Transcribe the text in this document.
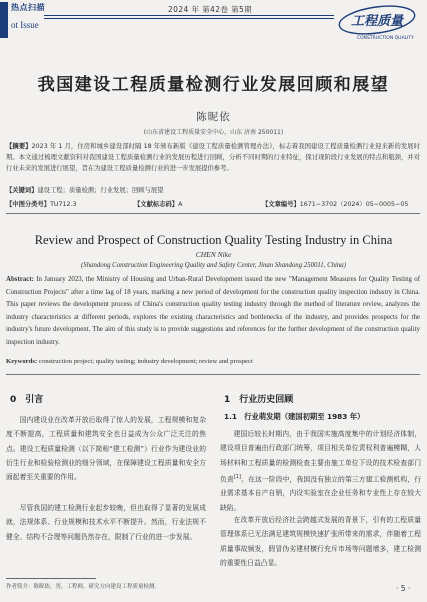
热点扫描
ot Issue
2024 年 第42卷 第5期
工程质量
CONSTRUCTION QUALITY
我国建设工程质量检测行业发展回顾和展望
陈昵依
(山东省建设工程质量安全中心，山东 济南 250011)
【摘要】2023 年 1 月，住房和城乡建设部时隔 18 年颁布新版《建设工程质量检测管理办法》，标志着我国建设工程质量检测行业迎来新的发展时期。本文通过梳理文献资料对我国建设工程质量检测行业的发展历程进行回顾，分析不同时期的行业特征，探讨现阶段行业发展的特点和瓶颈，并对行业未来的发展进行展望，旨在为建设工程质量检测行业的进一步发展提供参考。
【关键词】建设工程；质量检测；行业发展；回顾与展望
【中图分类号】TU712.3	【文献标志码】A	【文章编号】1671−3702（2024）05−0005−05
Review and Prospect of Construction Quality Testing Industry in China
CHEN Nike
(Shandong Construction Engineering Quality and Safety Center, Jinan Shandong 250011, China)
Abstract: In January 2023, the Ministry of Housing and Urban-Rural Development issued the new "Management Measures for Quality Testing of Construction Projects" after a time lag of 18 years, marking a new period of development for the construction quality inspection industry in China. This paper reviews the development process of China's construction quality testing industry through the method of literature review, analyzes the industry characteristics at different periods, explores the existing characteristics and bottlenecks of the industry, and provides prospects for the industry's future development. The aim of this study is to provide suggestions and references for the further development of the construction quality inspection industry.
Keywords: construction project; quality testing; industry development; review and prospect
0　引言
国内建设业在改革开放后取得了惊人的发展，工程规模和复杂度不断提高，工程质量和建筑安全也日益成为公众广泛关注的焦点。建设工程质量检测（以下简称“建工检测”）行业作为建设业的衍生行业和检验检测业的细分领域，在保障建设工程质量和安全方面起着至关重要的作用。
尽管我国的建工检测行业起步较晚，但也取得了显著的发展成就，法规体系、行业规模和技术水平不断提升。然而，行业法规不健全、结构不合理等问题仍然存在，限制了行业的进一步发展。
1　行业历史回顾
1.1　行业萌发期（建国初期至 1983 年）
建国后较长时期内，由于我国实施高度集中的计划经济体制，建设项目普遍由行政部门统筹，项目相关单位责权利普遍模糊，人场材料和工程质量的检测检查主要由施工单位下设的技术检查部门负责[1]。在这一阶段中，我国没有独立的第三方建工检测机构，行业需求基本自产自销，内设实验室在企业任务和专业性上存在较大缺陷。
在改革开放后经济社会跨越式发展的背景下，引有的工程质量管理体系已无法满足建筑规模快速扩张所带来的需求，伴随着工程质量事故频发，假冒伪劣建材横行充斥市场等问题增多，建工检测的重要性日益凸显。
作者简介：陈昵依，男，工程师，研究方向建设工程质量检测。	· 5 ·
